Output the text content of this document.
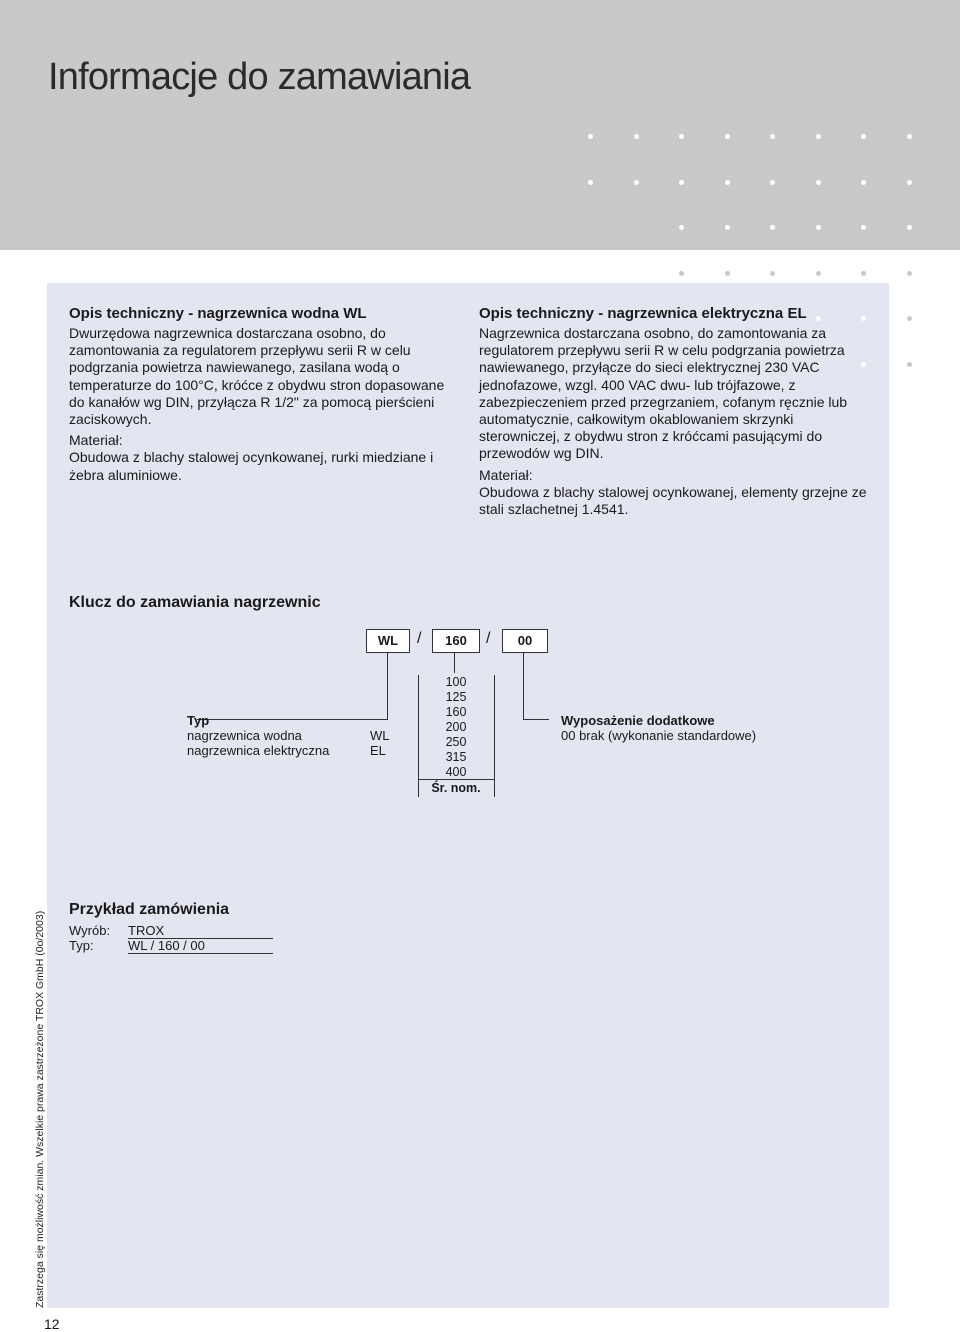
Informacje do zamawiania
Opis techniczny - nagrzewnica wodna WL

Dwurzędowa nagrzewnica dostarczana osobno, do zamontowania za regulatorem przepływu serii R w celu podgrzania powietrza nawiewanego, zasilana wodą o temperaturze do 100°C, króćce z obydwu stron dopasowane do kanałów wg DIN, przyłącza R 1/2" za pomocą pierścieni zaciskowych.

Materiał:

Obudowa z blachy stalowej ocynkowanej, rurki miedziane i żebra aluminiowe.

Opis techniczny - nagrzewnica elektryczna EL

Nagrzewnica dostarczana osobno, do zamontowania za regulatorem przepływu serii R w celu podgrzania powietrza nawiewanego, przyłącze do sieci elektrycznej 230 VAC jednofazowe, wzgl. 400 VAC dwu- lub trójfazowe, z zabezpieczeniem przed przegrzaniem, cofanym ręcznie lub automatycznie, całkowitym okablowaniem skrzynki sterowniczej, z obydwu stron z króćcami pasującymi do przewodów wg DIN.

Materiał:

Obudowa z blachy stalowej ocynkowanej, elementy grzejne ze stali szlachetnej 1.4541.

Klucz do zamawiania nagrzewnic
WL	/	160	/	00
Typ
nagrzewnica wodna	WL
nagrzewnica elektryczna	EL
100
125
160
200
250
315
400
Śr. nom.
Wyposażenie dodatkowe
00 brak (wykonanie standardowe)
Przykład zamówienia
Wyrób: TROX
Typ:	WL / 160 / 00
Zastrzega się możliwość zmian. Wszelkie prawa zastrzeżone TROX GmbH (0o/2003)
12
